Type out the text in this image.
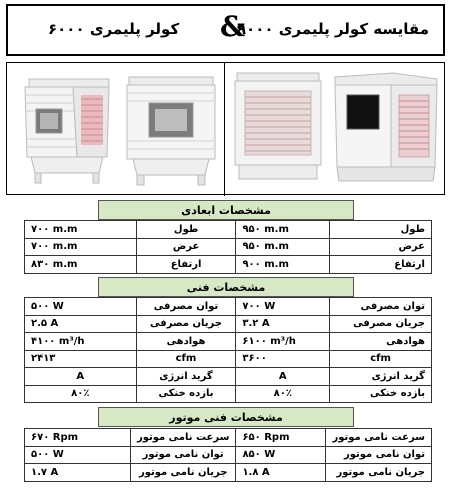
مقایسه کولر پلیمری ۹۰۰۰
&
کولر پلیمری ۶۰۰۰
مشخصات ابعادی
۷۰۰ m.m	طول	۹۵۰ m.m	طول
۷۰۰ m.m	عرض	۹۵۰ m.m	عرض
۸۳۰ m.m	ارتفاع	۹۰۰ m.m	ارتفاع
مشخصات فنی
۵۰۰ W	توان مصرفی	۷۰۰ W	توان مصرفی
۲.۵ A	جریان مصرفی	۳.۲ A	جریان مصرفی
۴۱۰۰ m³/h	هوادهی	۶۱۰۰ m³/h	هوادهی
۲۴۱۳	cfm	۳۶۰۰	cfm
A	گرید انرژی	A	گرید انرژی
۸۰٪	بازده خنکی	۸۰٪	بازده خنکی
مشخصات فنی موتور
۶۷۰ Rpm	سرعت نامی موتور	۶۵۰ Rpm	سرعت نامی موتور
۵۰۰ W	توان نامی موتور	۸۵۰ W	توان نامی موتور
۱.۷ A	جریان نامی موتور	۱.۸ A	جریان نامی موتور
